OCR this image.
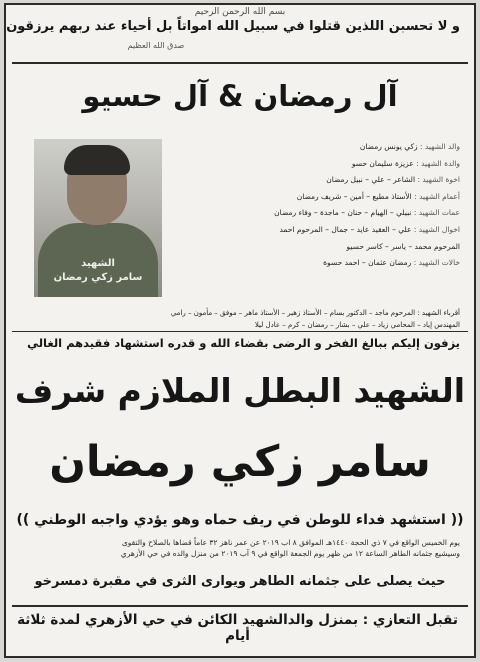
بسم الله الرحمن الرحيم
و لا تحسبن اللذين قتلوا في سبيل الله امواتاً بل أحياء عند ربهم يرزقون
صدق الله العظيم
آل رمضان & آل حسيو
الشهيد
سامر زكي رمضان
والد الشهيد : زكي يونس رمضان
والدة الشهيد : عزيزة سليمان حسو
اخوة الشهيد : الشاعر – علي – نبيل رمضان
أعمام الشهيد : الأستاذ مطيع – أمين – شريف رمضان
عمات الشهيد : نبيلي – الهيام – حنان – ماجدة – وفاء رمضان
اخوال الشهيد : علي – العقيد عايد – جمال – المرحوم احمد
المرحوم محمد – ياسر – كاسر حسيو
خالات الشهيد : رمضان عثمان – احمد حسوة
أقرباء الشهيد : المرحوم ماجد – الدكتور بسام – الأستاذ زهير – الأستاذ ماهر – موفق – مأمون – رامي
المهندس إياد – المحامي زياد – علي – بشار – رمضان – كرم – عادل ليلا
يزفون إليكم ببالغ الفخر و الرضى بقضاء الله و قدره استشهاد فقيدهم الغالي
الشهيد البطل الملازم شرف
سامر زكي رمضان
(( استشهد فداء للوطن في ريف حماه وهو يؤدي واجبه الوطني ))
يوم الخميس الواقع في ٧ ذي الحجة ١٤٤٠هـ الموافق ٨ اب ٢٠١٩ عن عمر ناهز ٣٢ عاماً قضاها بالصلاح والتقوى
وسيشيع جثمانه الطاهر الساعة ١٢ من ظهر يوم الجمعة الواقع في ٩ آب ٢٠١٩ من منزل والده في حي الأزهري
حيث يصلى على جثمانه الطاهر ويوارى الثرى في مقبرة دمسرخو
تقبل التعازي : بمنزل والدالشهيد الكائن في حي الأزهري لمدة ثلاثة أيام
